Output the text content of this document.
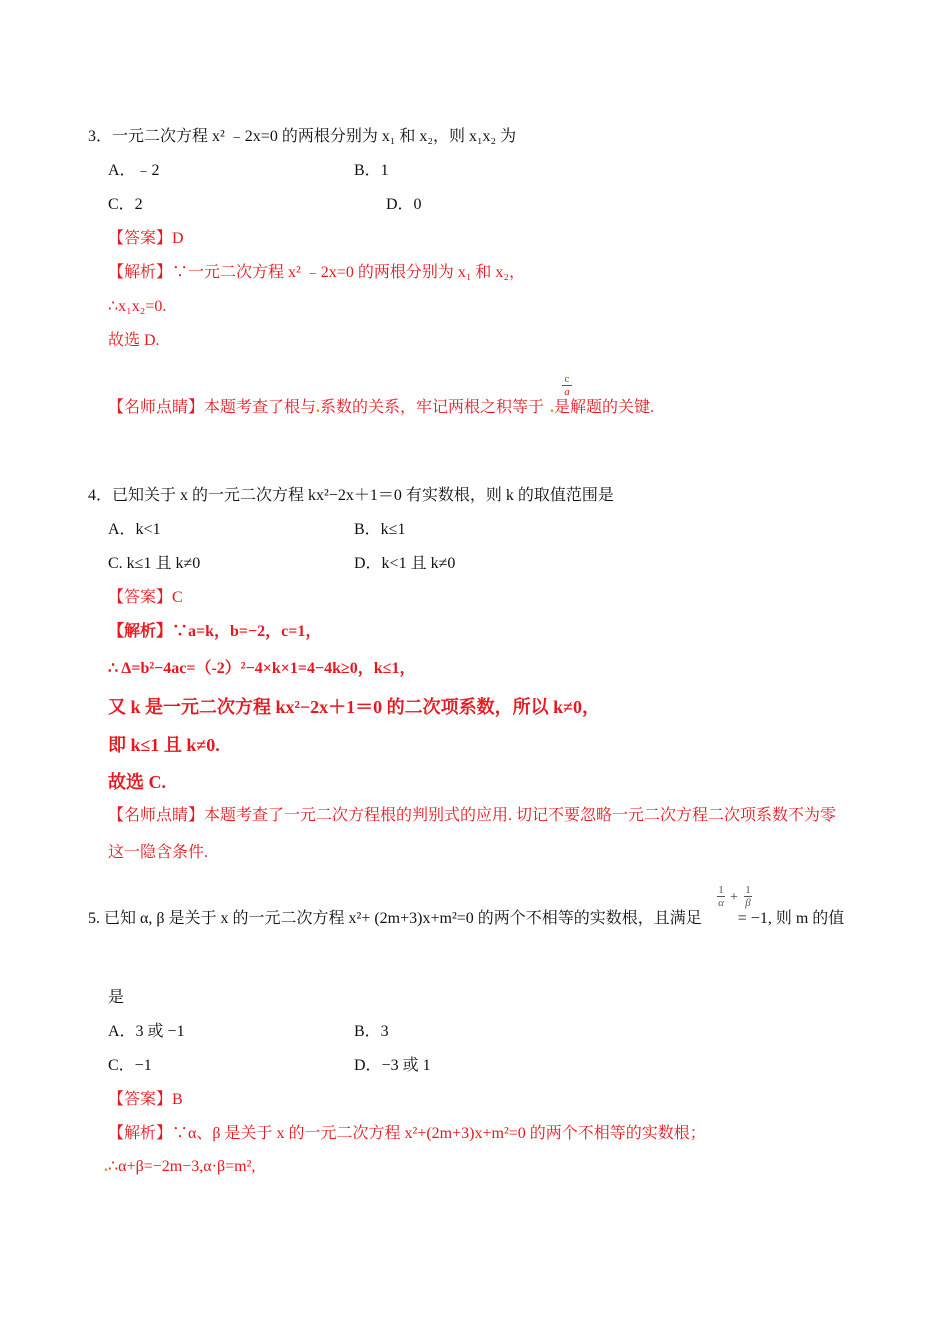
3．一元二次方程 x² ﹣2x=0 的两根分别为 x₁ 和 x₂，则 x₁x₂ 为
A．﹣2	B．1
C．2	D．0
【答案】D
【解析】∵一元二次方程 x² ﹣2x=0 的两根分别为 x₁ 和 x₂，
∴x₁x₂=0.
故选 D.
【名师点睛】本题考查了根与.系数的关系，牢记两根之积等于 .是解题的关键.
c
a
4．已知关于 x 的一元二次方程 kx²−2x＋1＝0 有实数根，则 k 的取值范围是
A．k<1	B．k≤1
C. k≤1 且 k≠0	D．k<1 且 k≠0
【答案】C
【解析】∵a=k，b=−2，c=1，
∴ Δ=b²−4ac=（-2）²−4×k×1=4−4k≥0，k≤1，
又 k 是一元二次方程 kx²−2x＋1＝0 的二次项系数，所以 k≠0，
即 k≤1 且 k≠0.
故选 C.
【名师点睛】本题考查了一元二次方程根的判别式的应用. 切记不要忽略一元二次方程二次项系数不为零
这一隐含条件.
5. 已知 α, β 是关于 x 的一元二次方程 x²+ (2m+3)x+m²=0 的两个不相等的实数根，且满足 = −1, 则 m 的值
1
α + 1
β
是
A．3 或 −1	B．3
C．−1	D．−3 或 1
【答案】B
【解析】∵α、β 是关于 x 的一元二次方程 x²+(2m+3)x+m²=0 的两个不相等的实数根；
.∴α+β=−2m−3,α·β=m²,
